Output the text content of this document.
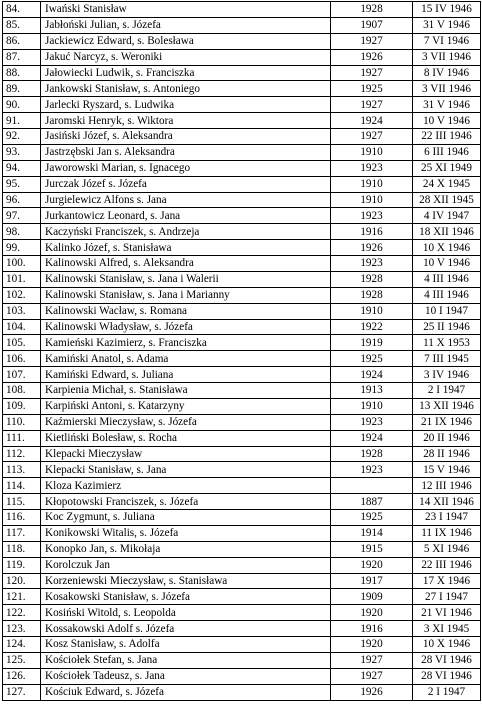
84.	Iwański Stanisław	1928	15 IV 1946
85.	Jabłoński Julian, s. Józefa	1907	31 V 1946
86.	Jackiewicz Edward, s. Bolesława	1927	7 VI 1946
87.	Jakuć Narcyz, s. Weroniki	1926	3 VII 1946
88.	Jałowiecki Ludwik, s. Franciszka	1927	8 IV 1946
89.	Jankowski Stanisław, s. Antoniego	1925	3 VII 1946
90.	Jarlecki Ryszard, s. Ludwika	1927	31 V 1946
91.	Jaromski Henryk, s. Wiktora	1924	10 V 1946
92.	Jasiński Józef, s. Aleksandra	1927	22 III 1946
93.	Jastrzębski Jan s. Aleksandra	1910	6 III 1946
94.	Jaworowski Marian, s. Ignacego	1923	25 XI 1949
95.	Jurczak Józef s. Józefa	1910	24 X 1945
96.	Jurgielewicz Alfons s. Jana	1910	28 XII 1945
97.	Jurkantowicz Leonard, s. Jana	1923	4 IV 1947
98.	Kaczyński Franciszek, s. Andrzeja	1916	18 XII 1946
99.	Kalinko Józef, s. Stanisława	1926	10 X 1946
100.	Kalinowski Alfred, s. Aleksandra	1923	10 V 1946
101.	Kalinowski Stanisław, s. Jana i Walerii	1928	4 III 1946
102.	Kalinowski Stanisław, s. Jana i Marianny	1928	4 III 1946
103.	Kalinowski Wacław, s. Romana	1910	10 I 1947
104.	Kalinowski Władysław, s. Józefa	1922	25 II 1946
105.	Kamieński Kazimierz, s. Franciszka	1919	11 X 1953
106.	Kamiński Anatol, s. Adama	1925	7 III 1945
107.	Kamiński Edward, s. Juliana	1924	3 IV 1946
108.	Karpienia Michał, s. Stanisława	1913	2 I 1947
109.	Karpiński Antoni, s. Katarzyny	1910	13 XII 1946
110.	Kaźmierski Mieczysław, s. Józefa	1923	21 IX 1946
111.	Kietliński Bolesław, s. Rocha	1924	20 II 1946
112.	Klepacki Mieczysław	1928	28 II 1946
113.	Klepacki Stanisław, s. Jana	1923	15 V 1946
114.	Kloza Kazimierz		12 III 1946
115.	Kłopotowski Franciszek, s. Józefa	1887	14 XII 1946
116.	Koc Zygmunt, s. Juliana	1925	23 I 1947
117.	Konikowski Witalis, s. Józefa	1914	11 IX 1946
118.	Konopko Jan, s. Mikołaja	1915	5 XI 1946
119.	Korolczuk Jan	1920	22 III 1946
120.	Korzeniewski Mieczysław, s. Stanisława	1917	17 X 1946
121.	Kosakowski Stanisław, s. Józefa	1909	27 I 1947
122.	Kosiński Witold, s. Leopolda	1920	21 VI 1946
123.	Kossakowski Adolf s. Józefa	1916	3 XI 1945
124.	Kosz Stanisław, s. Adolfa	1920	10 X 1946
125.	Kościołek Stefan, s. Jana	1927	28 VI 1946
126.	Kościołek Tadeusz, s. Jana	1927	28 VI 1946
127.	Kościuk Edward, s. Józefa	1926	2 I 1947
